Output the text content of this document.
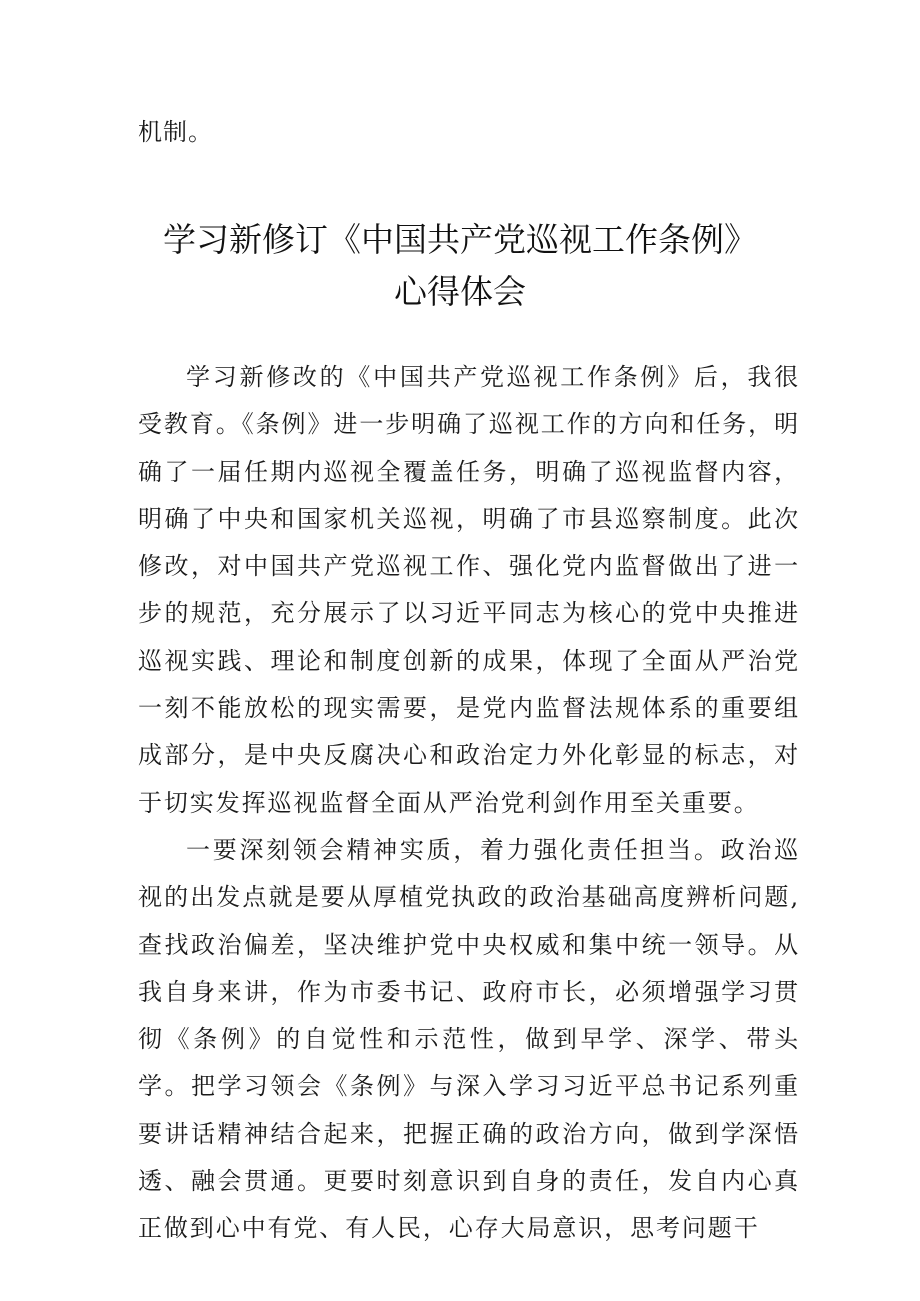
机制。

学习新修订《中国共产党巡视工作条例》
心得体会

学习新修改的《中国共产党巡视工作条例》后，我很受教育。《条例》进一步明确了巡视工作的方向和任务，明确了一届任期内巡视全覆盖任务，明确了巡视监督内容，明确了中央和国家机关巡视，明确了市县巡察制度。此次修改，对中国共产党巡视工作、强化党内监督做出了进一步的规范，充分展示了以习近平同志为核心的党中央推进巡视实践、理论和制度创新的成果，体现了全面从严治党一刻不能放松的现实需要，是党内监督法规体系的重要组成部分，是中央反腐决心和政治定力外化彰显的标志，对于切实发挥巡视监督全面从严治党利剑作用至关重要。

一要深刻领会精神实质，着力强化责任担当。政治巡视的出发点就是要从厚植党执政的政治基础高度辨析问题,查找政治偏差，坚决维护党中央权威和集中统一领导。从我自身来讲，作为市委书记、政府市长，必须增强学习贯彻《条例》的自觉性和示范性，做到早学、深学、带头学。把学习领会《条例》与深入学习习近平总书记系列重要讲话精神结合起来，把握正确的政治方向，做到学深悟透、融会贯通。更要时刻意识到自身的责任，发自内心真正做到心中有党、有人民，心存大局意识，思考问题干
